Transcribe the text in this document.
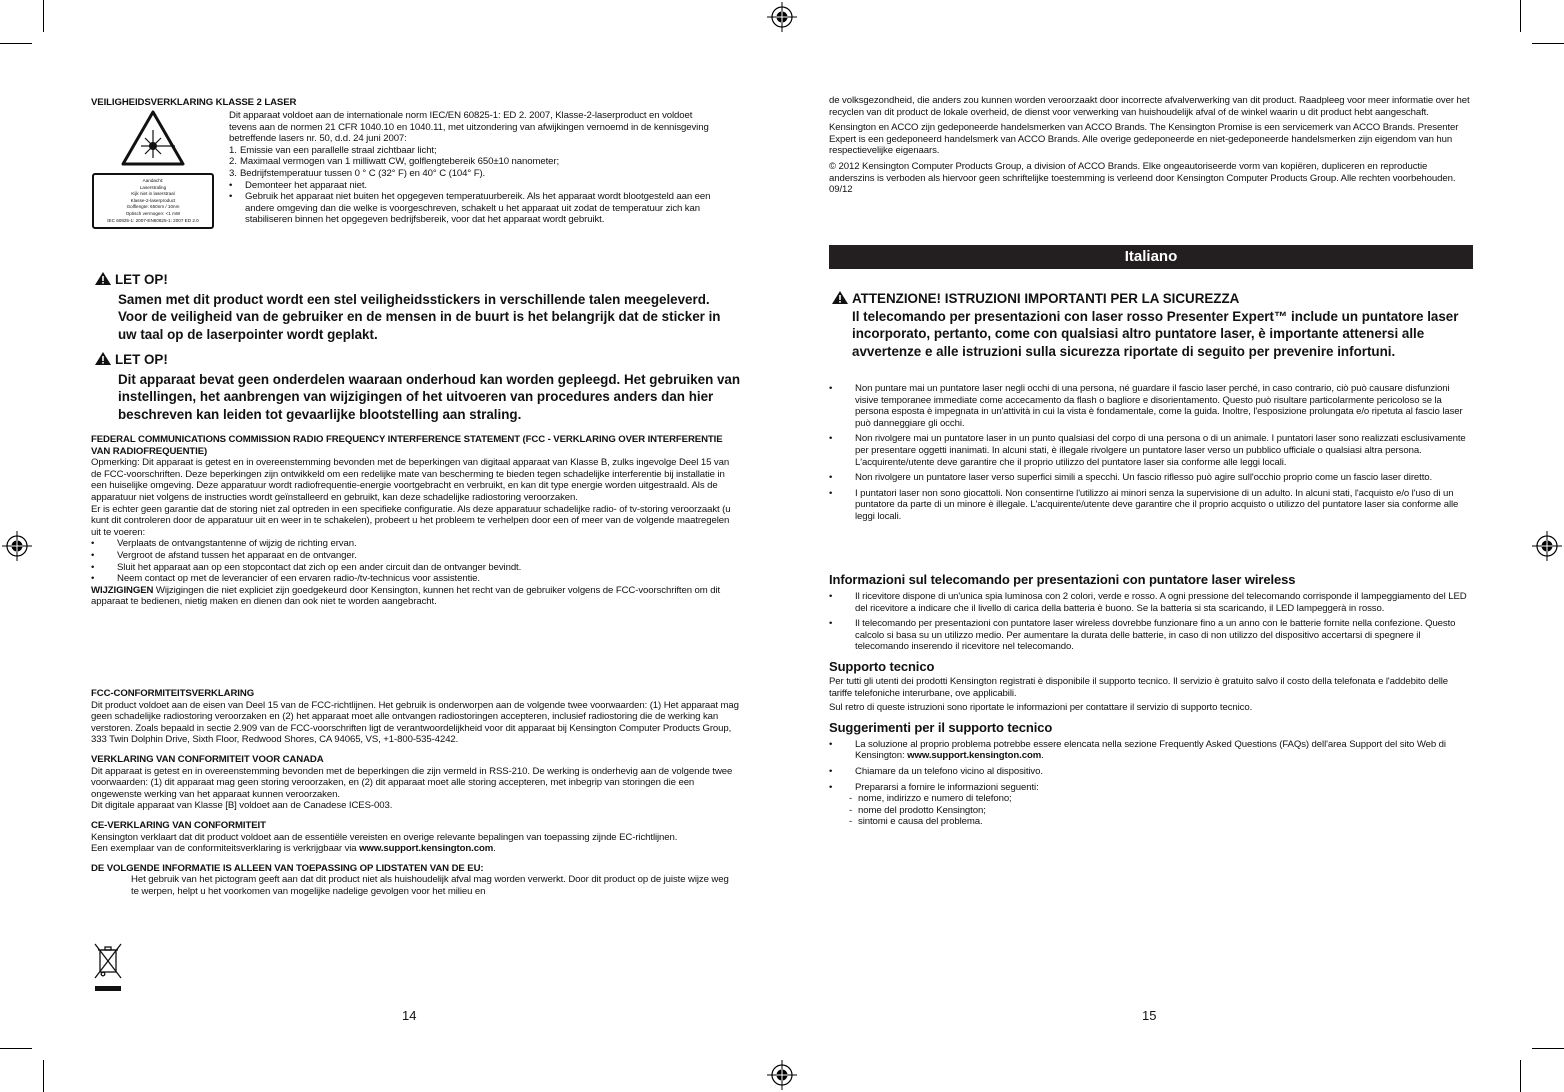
VEILIGHEIDSVERKLARING KLASSE 2 LASER

Aandacht:
Laserstraling
Kijk niet in laserstraal
Klasse-2-laserproduct
Golflengte: 650nm / 10nm
Optisch vermogen: <1 mW
IEC 60825-1: 2007-EN60825-1: 2007 ED 2.0

Dit apparaat voldoet aan de internationale norm IEC/EN 60825-1: ED 2. 2007, Klasse-2-laserproduct en voldoet tevens aan de normen 21 CFR 1040.10 en 1040.11, met uitzondering van afwijkingen vernoemd in de kennisgeving betreffende lasers nr. 50, d.d. 24 juni 2007:

1. Emissie van een parallelle straal zichtbaar licht;
2. Maximaal vermogen van 1 milliwatt CW, golflengtebereik 650±10 nanometer;
3. Bedrijfstemperatuur tussen 0 ° C (32° F) en 40° C (104° F).
• Demonteer het apparaat niet.
• Gebruik het apparaat niet buiten het opgegeven temperatuurbereik. Als het apparaat wordt blootgesteld aan een andere omgeving dan die welke is voorgeschreven, schakelt u het apparaat uit zodat de temperatuur zich kan stabiliseren binnen het opgegeven bedrijfsbereik, voor dat het apparaat wordt gebruikt.
LET OP!

Samen met dit product wordt een stel veiligheidsstickers in verschillende talen meegeleverd. Voor de veiligheid van de gebruiker en de mensen in de buurt is het belangrijk dat de sticker in uw taal op de laserpointer wordt geplakt.

LET OP!

Dit apparaat bevat geen onderdelen waaraan onderhoud kan worden gepleegd. Het gebruiken van instellingen, het aanbrengen van wijzigingen of het uitvoeren van procedures anders dan hier beschreven kan leiden tot gevaarlijke blootstelling aan straling.

FEDERAL COMMUNICATIONS COMMISSION RADIO FREQUENCY INTERFERENCE STATEMENT (FCC - VERKLARING OVER INTERFERENTIE VAN RADIOFREQUENTIE)

Opmerking: Dit apparaat is getest en in overeenstemming bevonden met de beperkingen van digitaal apparaat van Klasse B, zulks ingevolge Deel 15 van de FCC-voorschriften. Deze beperkingen zijn ontwikkeld om een redelijke mate van bescherming te bieden tegen schadelijke interferentie bij installatie in een huiselijke omgeving. Deze apparatuur wordt radiofrequentie-energie voortgebracht en verbruikt, en kan dit type energie worden uitgestraald. Als de apparatuur niet volgens de instructies wordt geïnstalleerd en gebruikt, kan deze schadelijke radiostoring veroorzaken.

Er is echter geen garantie dat de storing niet zal optreden in een specifieke configuratie. Als deze apparatuur schadelijke radio- of tv-storing veroorzaakt (u kunt dit controleren door de apparatuur uit en weer in te schakelen), probeert u het probleem te verhelpen door een of meer van de volgende maatregelen uit te voeren:

• Verplaats de ontvangstantenne of wijzig de richting ervan.
• Vergroot de afstand tussen het apparaat en de ontvanger.
• Sluit het apparaat aan op een stopcontact dat zich op een ander circuit dan de ontvanger bevindt.
• Neem contact op met de leverancier of een ervaren radio-/tv-technicus voor assistentie.

WIJZIGINGEN Wijzigingen die niet expliciet zijn goedgekeurd door Kensington, kunnen het recht van de gebruiker volgens de FCC-voorschriften om dit apparaat te bedienen, nietig maken en dienen dan ook niet te worden aangebracht.

FCC-CONFORMITEITSVERKLARING

Dit product voldoet aan de eisen van Deel 15 van de FCC-richtlijnen. Het gebruik is onderworpen aan de volgende twee voorwaarden: (1) Het apparaat mag geen schadelijke radiostoring veroorzaken en (2) het apparaat moet alle ontvangen radiostoringen accepteren, inclusief radiostoring die de werking kan verstoren. Zoals bepaald in sectie 2.909 van de FCC-voorschriften ligt de verantwoordelijkheid voor dit apparaat bij Kensington Computer Products Group, 333 Twin Dolphin Drive, Sixth Floor, Redwood Shores, CA 94065, VS, +1-800-535-4242.

VERKLARING VAN CONFORMITEIT VOOR CANADA

Dit apparaat is getest en in overeenstemming bevonden met de beperkingen die zijn vermeld in RSS-210. De werking is onderhevig aan de volgende twee voorwaarden: (1) dit apparaat mag geen storing veroorzaken, en (2) dit apparaat moet alle storing accepteren, met inbegrip van storingen die een ongewenste werking van het apparaat kunnen veroorzaken.

Dit digitale apparaat van Klasse [B] voldoet aan de Canadese ICES-003.

CE-VERKLARING VAN CONFORMITEIT

Kensington verklaart dat dit product voldoet aan de essentiële vereisten en overige relevante bepalingen van toepassing zijnde EC-richtlijnen.

Een exemplaar van de conformiteitsverklaring is verkrijgbaar via www.support.kensington.com.

DE VOLGENDE INFORMATIE IS ALLEEN VAN TOEPASSING OP LIDSTATEN VAN DE EU:

Het gebruik van het pictogram geeft aan dat dit product niet als huishoudelijk afval mag worden verwerkt. Door dit product op de juiste wijze weg te werpen, helpt u het voorkomen van mogelijke nadelige gevolgen voor het milieu en

14

de volksgezondheid, die anders zou kunnen worden veroorzaakt door incorrecte afvalverwerking van dit product. Raadpleeg voor meer informatie over het recyclen van dit product de lokale overheid, de dienst voor verwerking van huishoudelijk afval of de winkel waarin u dit product hebt aangeschaft.

Kensington en ACCO zijn gedeponeerde handelsmerken van ACCO Brands. The Kensington Promise is een servicemerk van ACCO Brands. Presenter Expert is een gedeponeerd handelsmerk van ACCO Brands. Alle overige gedeponeerde en niet-gedeponeerde handelsmerken zijn eigendom van hun respectievelijke eigenaars.

© 2012 Kensington Computer Products Group, a division of ACCO Brands. Elke ongeautoriseerde vorm van kopiëren, dupliceren en reproductie anderszins is verboden als hiervoor geen schriftelijke toestemming is verleend door Kensington Computer Products Group. Alle rechten voorbehouden. 09/12

Italiano
ATTENZIONE! ISTRUZIONI IMPORTANTI PER LA SICUREZZA

Il telecomando per presentazioni con laser rosso Presenter Expert™ include un puntatore laser incorporato, pertanto, come con qualsiasi altro puntatore laser, è importante attenersi alle avvertenze e alle istruzioni sulla sicurezza riportate di seguito per prevenire infortuni.

• Non puntare mai un puntatore laser negli occhi di una persona, né guardare il fascio laser perché, in caso contrario, ciò può causare disfunzioni visive temporanee immediate come accecamento da flash o bagliore e disorientamento. Questo può risultare particolarmente pericoloso se la persona esposta è impegnata in un'attività in cui la vista è fondamentale, come la guida. Inoltre, l'esposizione prolungata e/o ripetuta al fascio laser può danneggiare gli occhi.
• Non rivolgere mai un puntatore laser in un punto qualsiasi del corpo di una persona o di un animale. I puntatori laser sono realizzati esclusivamente per presentare oggetti inanimati. In alcuni stati, è illegale rivolgere un puntatore laser verso un pubblico ufficiale o qualsiasi altra persona. L'acquirente/utente deve garantire che il proprio utilizzo del puntatore laser sia conforme alle leggi locali.
• Non rivolgere un puntatore laser verso superfici simili a specchi. Un fascio riflesso può agire sull'occhio proprio come un fascio laser diretto.
• I puntatori laser non sono giocattoli. Non consentirne l'utilizzo ai minori senza la supervisione di un adulto. In alcuni stati, l'acquisto e/o l'uso di un puntatore da parte di un minore è illegale. L'acquirente/utente deve garantire che il proprio acquisto o utilizzo del puntatore laser sia conforme alle leggi locali.

Informazioni sul telecomando per presentazioni con puntatore laser wireless

• Il ricevitore dispone di un'unica spia luminosa con 2 colori, verde e rosso. A ogni pressione del telecomando corrisponde il lampeggiamento del LED del ricevitore a indicare che il livello di carica della batteria è buono. Se la batteria si sta scaricando, il LED lampeggerà in rosso.
• Il telecomando per presentazioni con puntatore laser wireless dovrebbe funzionare fino a un anno con le batterie fornite nella confezione. Questo calcolo si basa su un utilizzo medio. Per aumentare la durata delle batterie, in caso di non utilizzo del dispositivo accertarsi di spegnere il telecomando inserendo il ricevitore nel telecomando.

Supporto tecnico

Per tutti gli utenti dei prodotti Kensington registrati è disponibile il supporto tecnico. Il servizio è gratuito salvo il costo della telefonata e l'addebito delle tariffe telefoniche interurbane, ove applicabili.

Sul retro di queste istruzioni sono riportate le informazioni per contattare il servizio di supporto tecnico.

Suggerimenti per il supporto tecnico

• La soluzione al proprio problema potrebbe essere elencata nella sezione Frequently Asked Questions (FAQs) dell'area Support del sito Web di Kensington: www.support.kensington.com.
• Chiamare da un telefono vicino al dispositivo.
• Prepararsi a fornire le informazioni seguenti:
- nome, indirizzo e numero di telefono;
- nome del prodotto Kensington;
- sintomi e causa del problema.
15
